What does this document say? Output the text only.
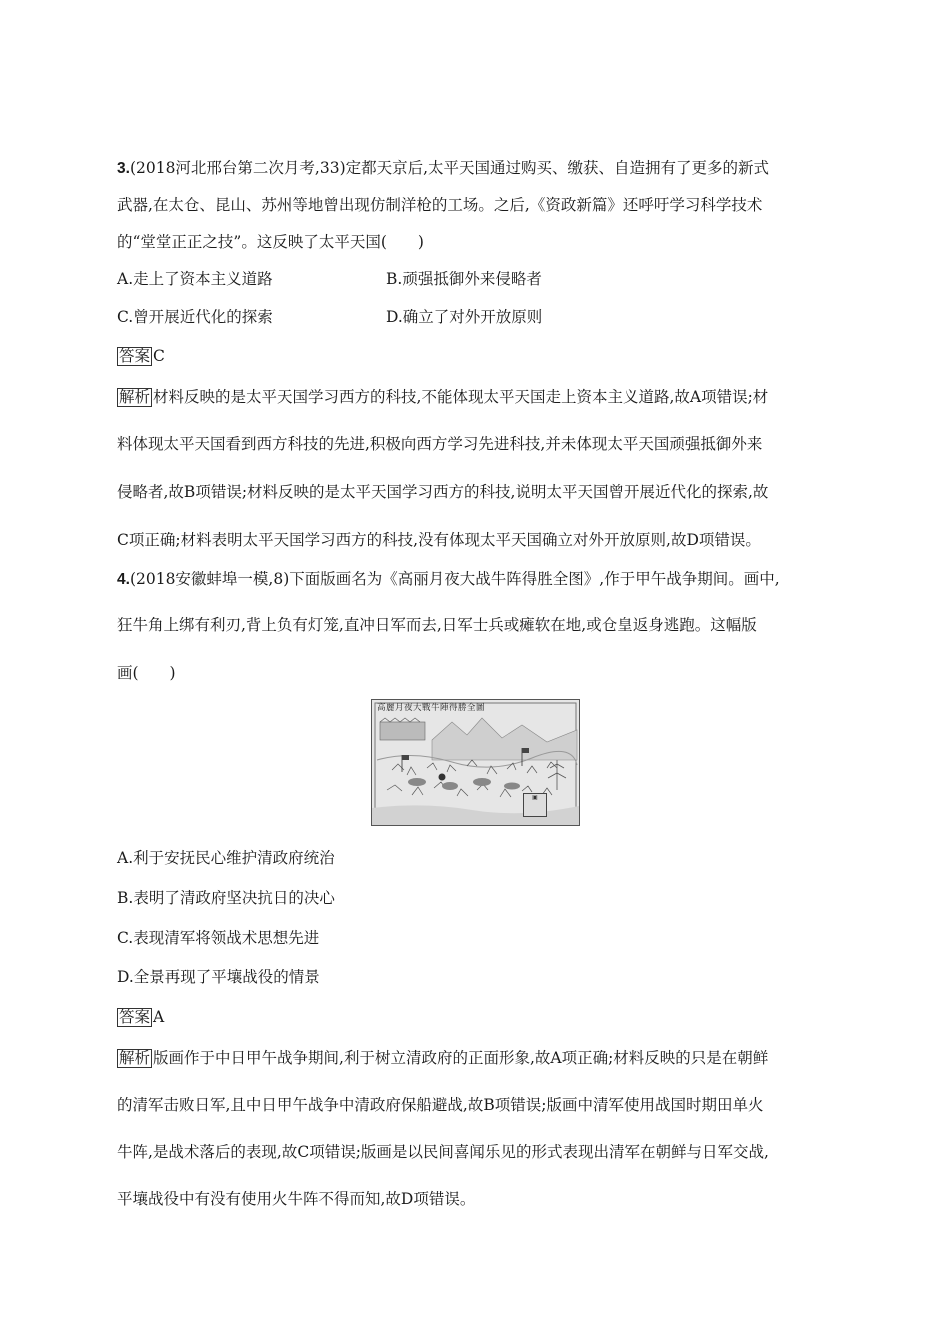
3.(2018河北邢台第二次月考,33)定都天京后,太平天国通过购买、缴获、自造拥有了更多的新式
武器,在太仓、昆山、苏州等地曾出现仿制洋枪的工场。之后,《资政新篇》还呼吁学习科学技术
的“堂堂正正之技”。这反映了太平天国(　　)
A.走上了资本主义道路	B.顽强抵御外来侵略者
C.曾开展近代化的探索	D.确立了对外开放原则
答案 C
解析 材料反映的是太平天国学习西方的科技,不能体现太平天国走上资本主义道路,故A项错误;材
料体现太平天国看到西方科技的先进,积极向西方学习先进科技,并未体现太平天国顽强抵御外来
侵略者,故B项错误;材料反映的是太平天国学习西方的科技,说明太平天国曾开展近代化的探索,故
C项正确;材料表明太平天国学习西方的科技,没有体现太平天国确立对外开放原则,故D项错误。
4.(2018安徽蚌埠一模,8)下面版画名为《高丽月夜大战牛阵得胜全图》,作于甲午战争期间。画中,
狂牛角上绑有利刃,背上负有灯笼,直冲日军而去,日军士兵或瘫软在地,或仓皇返身逃跑。这幅版
画(　　)
高麗月夜大戰牛陣得勝全圖
▣
A.利于安抚民心维护清政府统治
B.表明了清政府坚决抗日的决心
C.表现清军将领战术思想先进
D.全景再现了平壤战役的情景
答案 A
解析 版画作于中日甲午战争期间,利于树立清政府的正面形象,故A项正确;材料反映的只是在朝鲜
的清军击败日军,且中日甲午战争中清政府保船避战,故B项错误;版画中清军使用战国时期田单火
牛阵,是战术落后的表现,故C项错误;版画是以民间喜闻乐见的形式表现出清军在朝鲜与日军交战,
平壤战役中有没有使用火牛阵不得而知,故D项错误。
